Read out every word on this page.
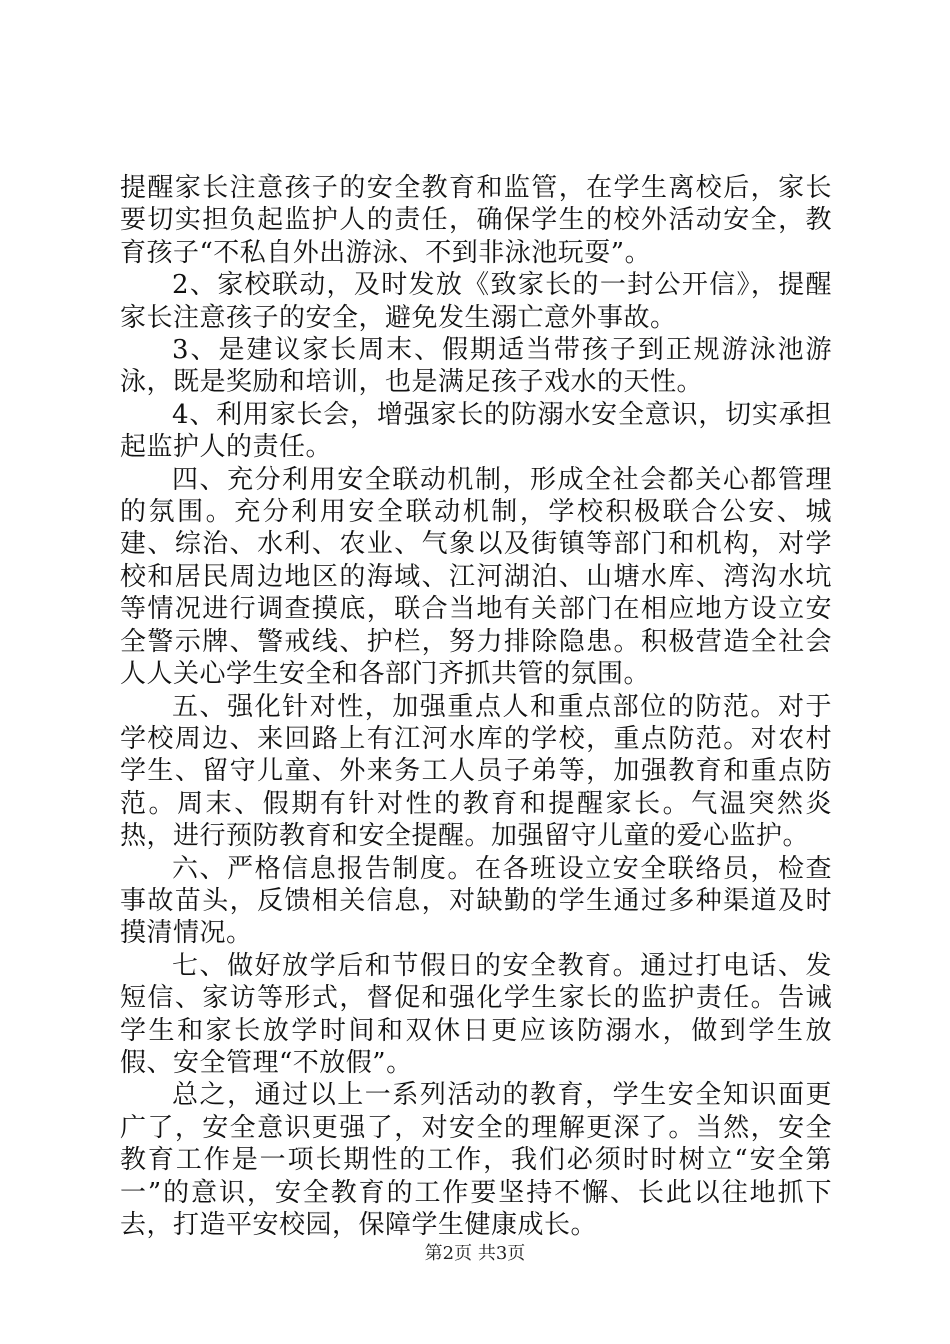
提醒家长注意孩子的安全教育和监管，在学生离校后，家长要切实担负起监护人的责任，确保学生的校外活动安全，教育孩子“不私自外出游泳、不到非泳池玩耍”。

2、家校联动，及时发放《致家长的一封公开信》，提醒家长注意孩子的安全，避免发生溺亡意外事故。

3、是建议家长周末、假期适当带孩子到正规游泳池游泳，既是奖励和培训，也是满足孩子戏水的天性。

4、利用家长会，增强家长的防溺水安全意识，切实承担起监护人的责任。

四、充分利用安全联动机制，形成全社会都关心都管理的氛围。充分利用安全联动机制，学校积极联合公安、城建、综治、水利、农业、气象以及街镇等部门和机构，对学校和居民周边地区的海域、江河湖泊、山塘水库、湾沟水坑等情况进行调查摸底，联合当地有关部门在相应地方设立安全警示牌、警戒线、护栏，努力排除隐患。积极营造全社会人人关心学生安全和各部门齐抓共管的氛围。

五、强化针对性，加强重点人和重点部位的防范。对于学校周边、来回路上有江河水库的学校，重点防范。对农村学生、留守儿童、外来务工人员子弟等，加强教育和重点防范。周末、假期有针对性的教育和提醒家长。气温突然炎热，进行预防教育和安全提醒。加强留守儿童的爱心监护。

六、严格信息报告制度。在各班设立安全联络员，检查事故苗头，反馈相关信息，对缺勤的学生通过多种渠道及时摸清情况。

七、做好放学后和节假日的安全教育。通过打电话、发短信、家访等形式，督促和强化学生家长的监护责任。告诫学生和家长放学时间和双休日更应该防溺水，做到学生放假、安全管理“不放假”。

总之，通过以上一系列活动的教育，学生安全知识面更广了，安全意识更强了，对安全的理解更深了。当然，安全教育工作是一项长期性的工作，我们必须时时树立“安全第一”的意识，安全教育的工作要坚持不懈、长此以往地抓下去，打造平安校园，保障学生健康成长。

第2页 共3页
